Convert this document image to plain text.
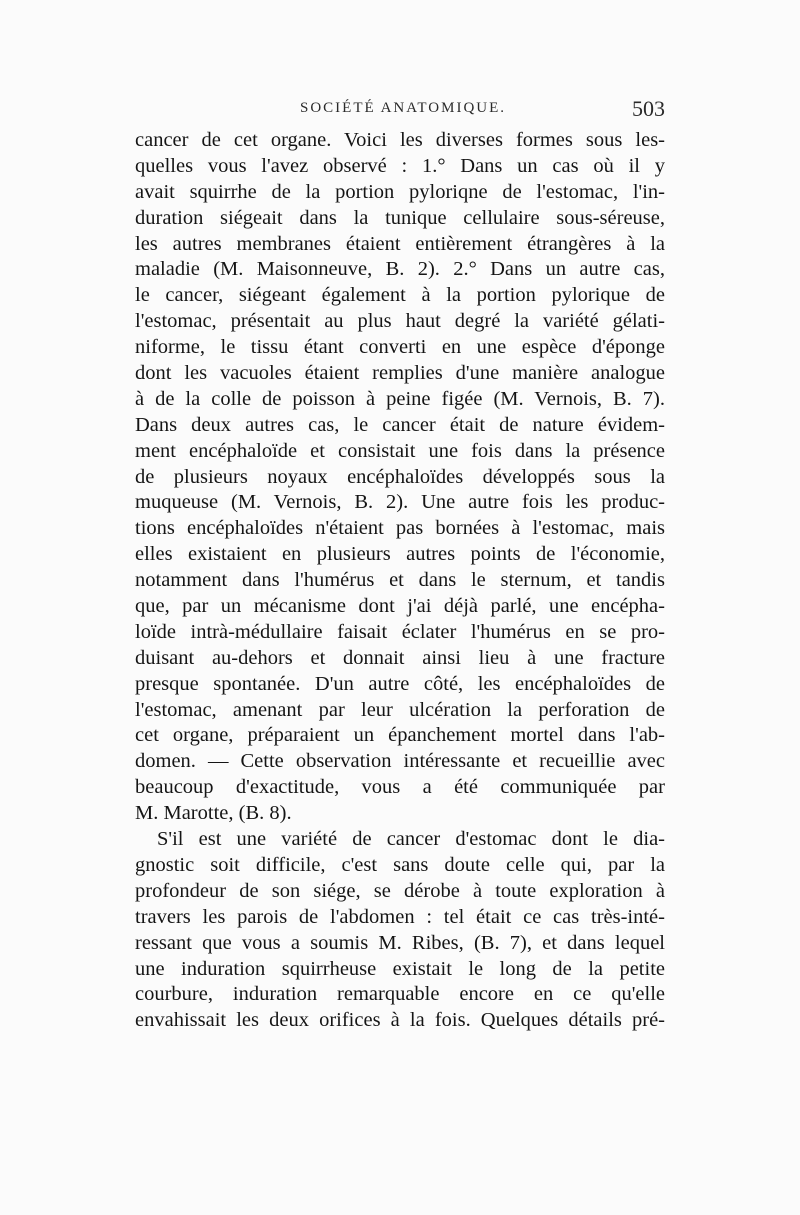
SOCIÉTÉ ANATOMIQUE.	503
cancer de cet organe. Voici les diverses formes sous les-
quelles vous l'avez observé : 1.° Dans un cas où il y
avait squirrhe de la portion pyloriqne de l'estomac, l'in-
duration siégeait dans la tunique cellulaire sous-séreuse,
les autres membranes étaient entièrement étrangères à la
maladie (M. Maisonneuve, B. 2). 2.° Dans un autre cas,
le cancer, siégeant également à la portion pylorique de
l'estomac, présentait au plus haut degré la variété gélati-
niforme, le tissu étant converti en une espèce d'éponge
dont les vacuoles étaient remplies d'une manière analogue
à de la colle de poisson à peine figée (M. Vernois, B. 7).
Dans deux autres cas, le cancer était de nature évidem-
ment encéphaloïde et consistait une fois dans la présence
de plusieurs noyaux encéphaloïdes développés sous la
muqueuse (M. Vernois, B. 2). Une autre fois les produc-
tions encéphaloïdes n'étaient pas bornées à l'estomac, mais
elles existaient en plusieurs autres points de l'économie,
notamment dans l'humérus et dans le sternum, et tandis
que, par un mécanisme dont j'ai déjà parlé, une encépha-
loïde intrà-médullaire faisait éclater l'humérus en se pro-
duisant au-dehors et donnait ainsi lieu à une fracture
presque spontanée. D'un autre côté, les encéphaloïdes de
l'estomac, amenant par leur ulcération la perforation de
cet organe, préparaient un épanchement mortel dans l'ab-
domen. — Cette observation intéressante et recueillie avec
beaucoup d'exactitude, vous a été communiquée par
M. Marotte, (B. 8).
S'il est une variété de cancer d'estomac dont le dia-
gnostic soit difficile, c'est sans doute celle qui, par la
profondeur de son siége, se dérobe à toute exploration à
travers les parois de l'abdomen : tel était ce cas très-inté-
ressant que vous a soumis M. Ribes, (B. 7), et dans lequel
une induration squirrheuse existait le long de la petite
courbure, induration remarquable encore en ce qu'elle
envahissait les deux orifices à la fois. Quelques détails pré-
